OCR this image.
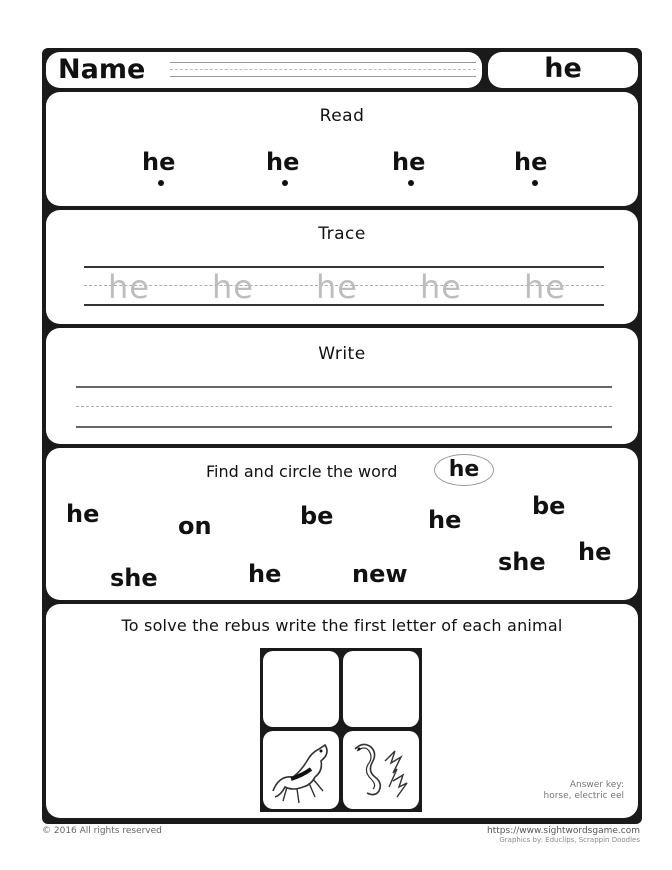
Name	he
Read
he	he	he	he
Trace
he he he he he
Write
Find and circle the word	he
he	on	be	he	be
she	he	new	she he
To solve the rebus write the first letter of each animal
Answer key:
horse, electric eel
© 2016 All rights reserved	https://www.sightwordsgame.com
Graphics by: Educlips, Scrappin Doodles
